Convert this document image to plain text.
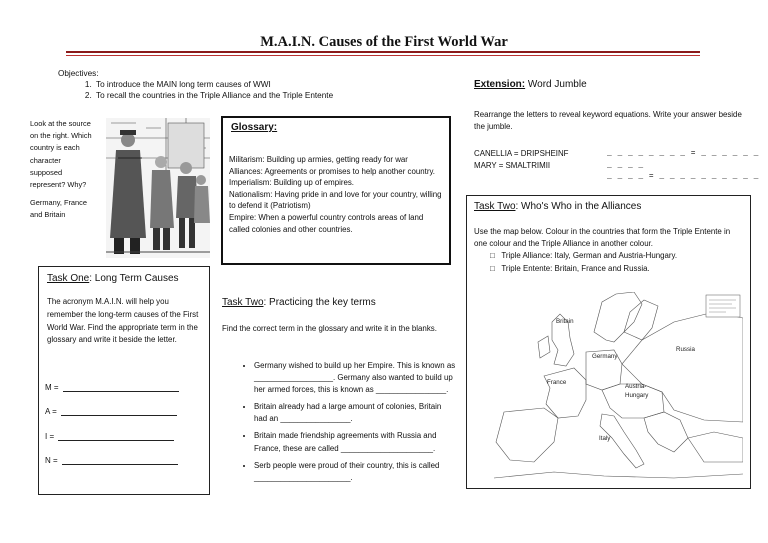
M.A.I.N. Causes of the First World War
Objectives:
1. To introduce the MAIN long term causes of WWI
2. To recall the countries in the Triple Alliance and the Triple Entente
Look at the source on the right. Which country is each character supposed represent? Why?
Germany, France and Britain
Glossary:

Militarism: Building up armies, getting ready for war

Alliances: Agreements or promises to help another country.

Imperialism: Building up of empires.

Nationalism: Having pride in and love for your country, willing to defend it (Patriotism)

Empire: When a powerful country controls areas of land called colonies and other countries.

Task One: Long Term Causes

The acronym M.A.I.N. will help you remember the long-term causes of the First World War. Find the appropriate term in the glossary and write it beside the letter.

M =
A =
I =
N =
Task Two: Practicing the key terms
Find the correct term in the glossary and write it in the blanks.
• Germany wished to build up her Empire. This is known as __________________. Germany also wanted to build up her armed forces, this is known as ________________.
• Britain already had a large amount of colonies, Britain had an ________________.
• Britain made friendship agreements with Russia and France, these are called _____________________.
• Serb people were proud of their country, this is called ______________________.
Extension: Word Jumble
Rearrange the letters to reveal keyword equations. Write your answer beside the jumble.
CANELLIA = DRIPSHEINF
MARY = SMALTRIMII
_ _ _ _ _ _ _ _ = _ _ _ _ _ _ _ _ _ _
_ _ _ _ = _ _ _ _ _ _ _ _ _ _
Task Two: Who's Who in the Alliances

Use the map below. Colour in the countries that form the Triple Entente in one colour and the Triple Alliance in another colour.

□   Triple Alliance: Italy, German and Austria-Hungary.
□   Triple Entente: Britain, France and Russia.
Britain
Germany
Russia
France
Austria-
Hungary
Italy
